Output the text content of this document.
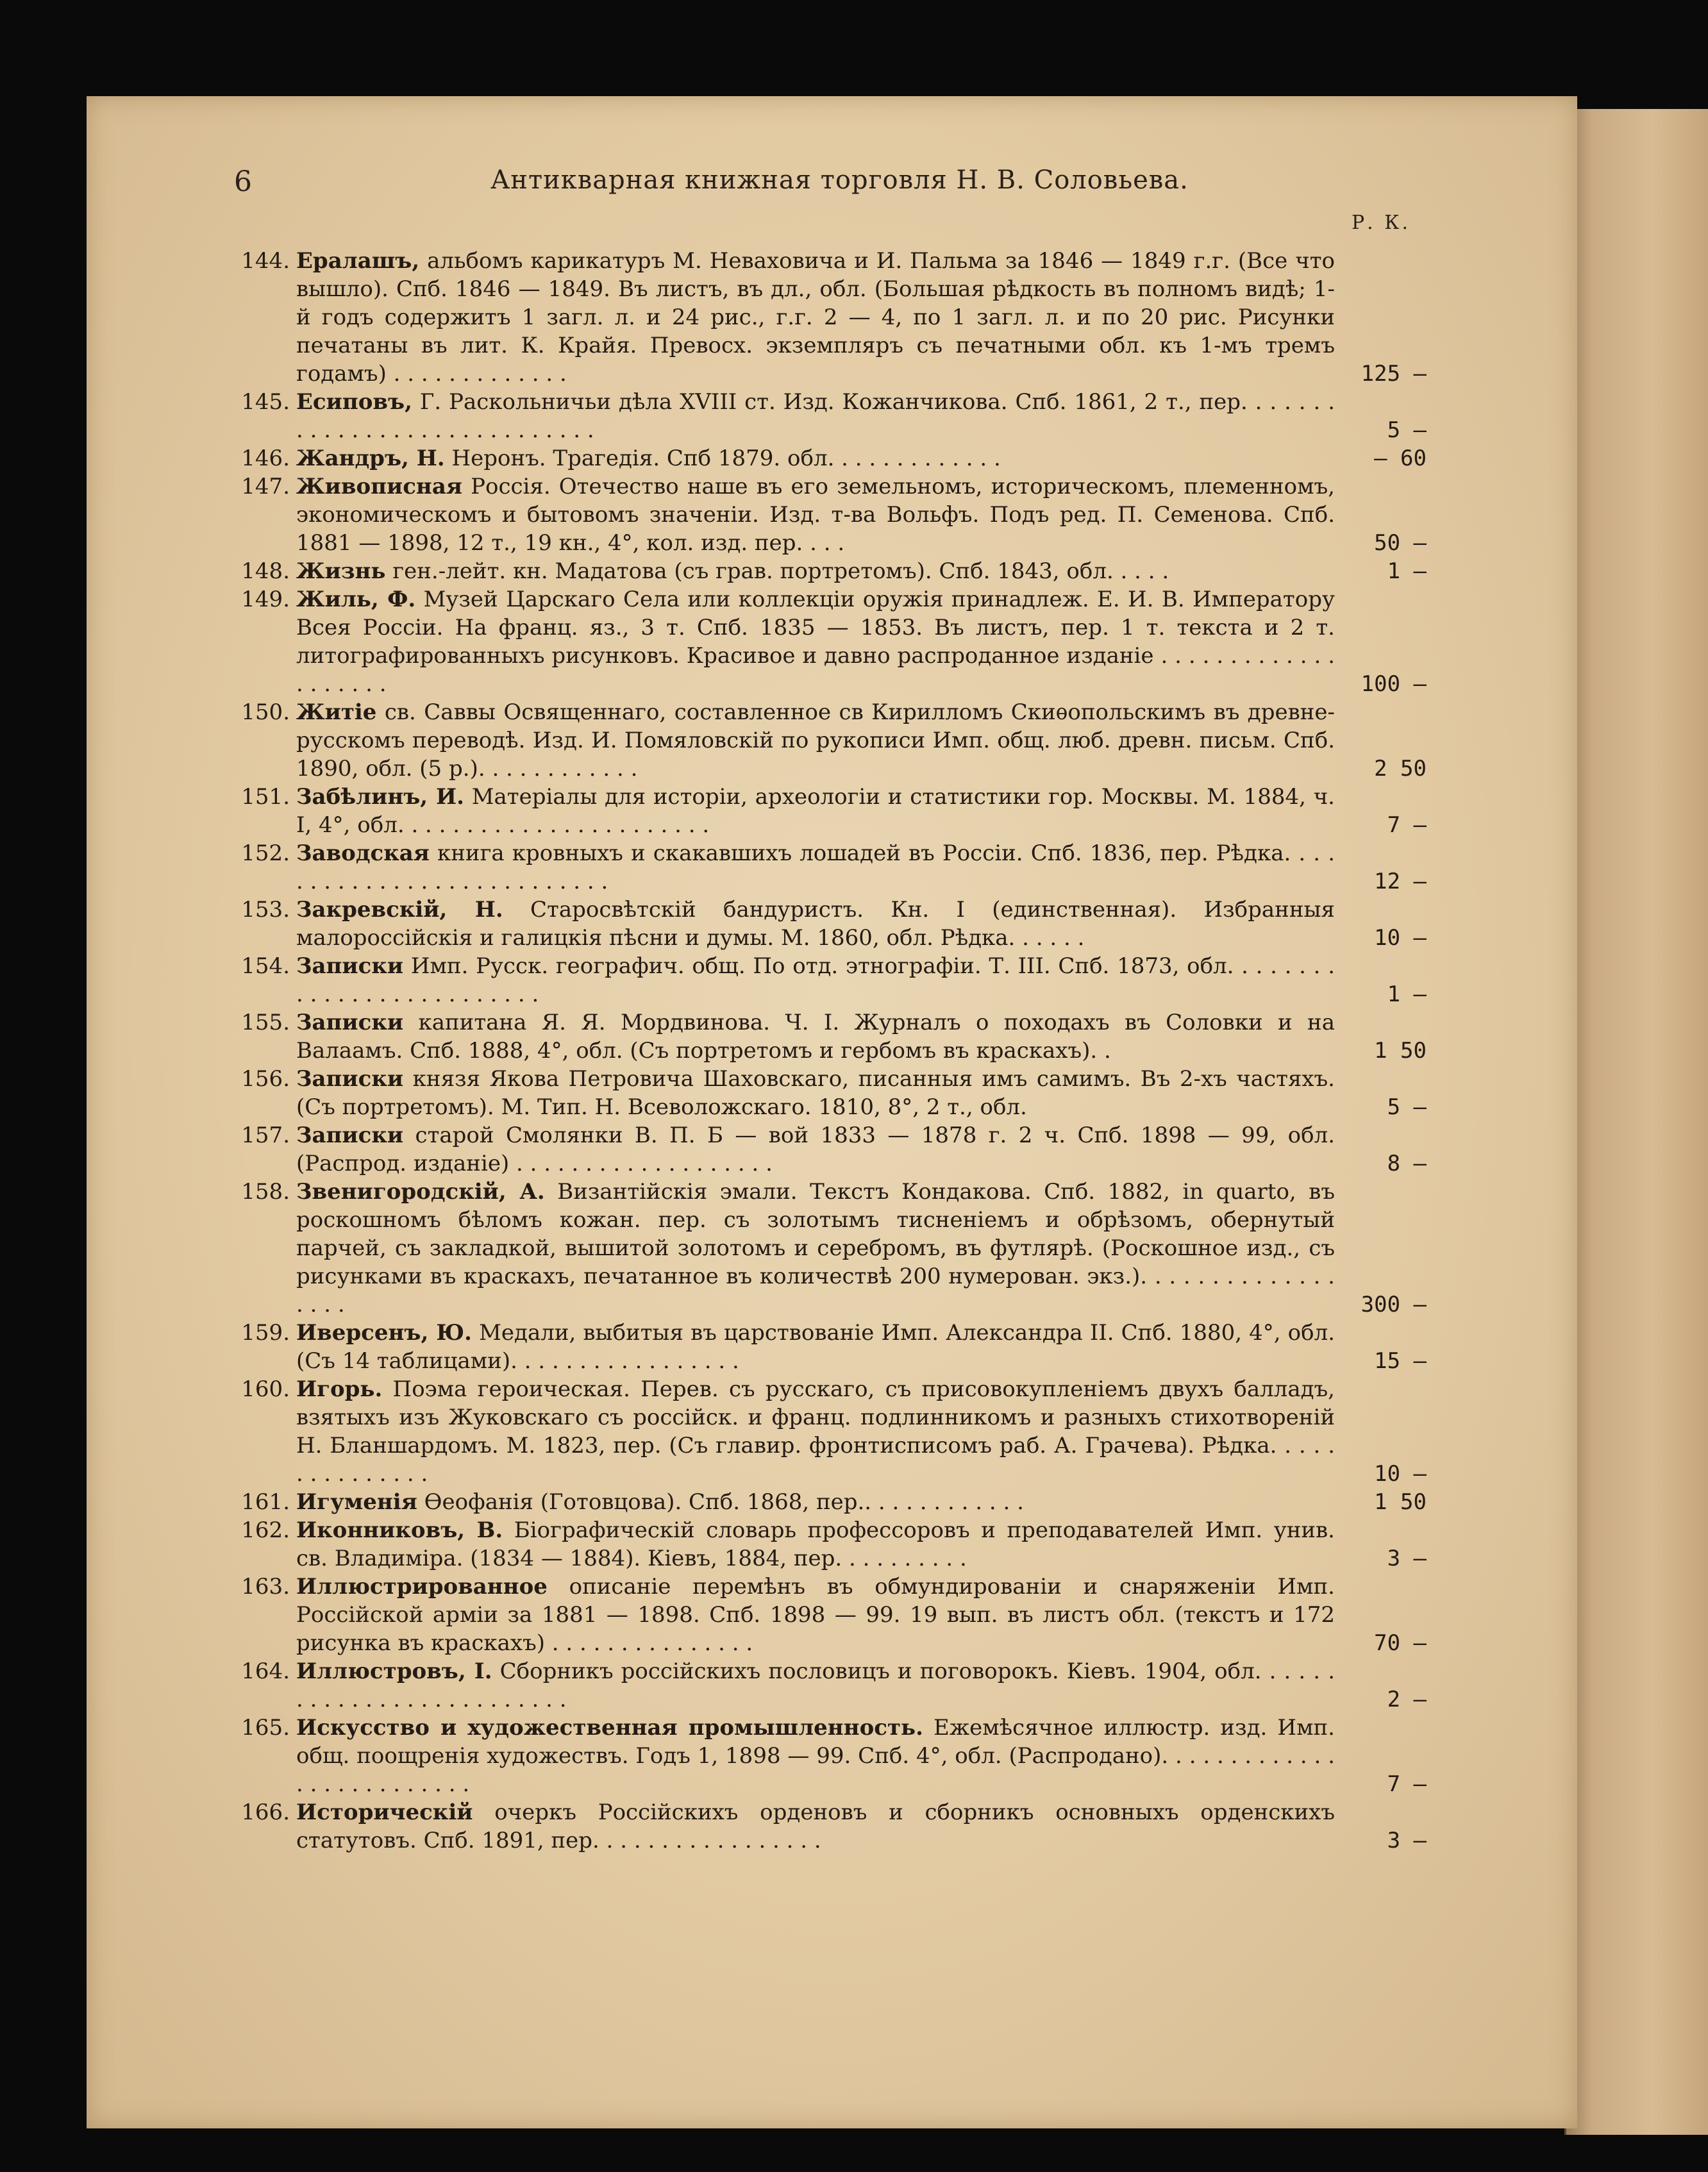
6	Антикварная книжная торговля Н. В. Соловьева.
Р. К.
144. Ералашъ, альбомъ карикатуръ М. Неваховича и И. Пальма за 1846 — 1849 г.г. (Все что вышло). Спб. 1846 — 1849. Въ листъ, въ дл., обл. (Большая рѣдкость въ полномъ видѣ; 1-й годъ содержитъ 1 загл. л. и 24 рис., г.г. 2 — 4, по 1 загл. л. и по 20 рис. Рисунки печатаны въ лит. К. Крайя. Превосх. экземпляръ съ печатными обл. къ 1-мъ тремъ годамъ) . . . . . . . . . . . . .	125 —
145. Есиповъ, Г. Раскольничьи дѣла XVIII ст. Изд. Кожанчикова. Спб. 1861, 2 т., пер. . . . . . . . . . . . . . . . . . . . . . . . . . . . .	5 —
146. Жандръ, Н. Неронъ. Трагедія. Спб 1879. обл. . . . . . . . . . . . .	— 60
147. Живописная Россія. Отечество наше въ его земельномъ, историческомъ, племенномъ, экономическомъ и бытовомъ значеніи. Изд. т-ва Вольфъ. Подъ ред. П. Семенова. Спб. 1881 — 1898, 12 т., 19 кн., 4°, кол. изд. пер. . . .	50 —
148. Жизнь ген.-лейт. кн. Мадатова (съ грав. портретомъ). Спб. 1843, обл. . . . .	1 —
149. Жиль, Ф. Музей Царскаго Села или коллекціи оружія принадлеж. Е. И. В. Императору Всея Россіи. На франц. яз., 3 т. Спб. 1835 — 1853. Въ листъ, пер. 1 т. текста и 2 т. литографированныхъ рисунковъ. Красивое и давно распроданное изданіе . . . . . . . . . . . . . . . . . . . .	100 —
150. Житіе св. Саввы Освященнаго, составленное св Кирилломъ Скиѳопольскимъ въ древне-русскомъ переводѣ. Изд. И. Помяловскій по рукописи Имп. общ. люб. древн. письм. Спб. 1890, обл. (5 р.). . . . . . . . . . . .	2 50
151. Забѣлинъ, И. Матеріалы для исторіи, археологіи и статистики гор. Москвы. М. 1884, ч. I, 4°, обл. . . . . . . . . . . . . . . . . . . . . . .	7 —
152. Заводская книга кровныхъ и скакавшихъ лошадей въ Россіи. Спб. 1836, пер. Рѣдка. . . . . . . . . . . . . . . . . . . . . . . . . . .	12 —
153. Закревскій, Н. Старосвѣтскій бандуристъ. Кн. I (единственная). Избранныя малороссійскія и галицкія пѣсни и думы. М. 1860, обл. Рѣдка. . . . . .	10 —
154. Записки Имп. Русск. географич. общ. По отд. этнографіи. Т. III. Спб. 1873, обл. . . . . . . . . . . . . . . . . . . . . . . . . .	1 —
155. Записки капитана Я. Я. Мордвинова. Ч. I. Журналъ о походахъ въ Соловки и на Валаамъ. Спб. 1888, 4°, обл. (Съ портретомъ и гербомъ въ краскахъ). .	1 50
156. Записки князя Якова Петровича Шаховскаго, писанныя имъ самимъ. Въ 2-хъ частяхъ. (Съ портретомъ). М. Тип. Н. Всеволожскаго. 1810, 8°, 2 т., обл.	5 —
157. Записки старой Смолянки В. П. Б — вой 1833 — 1878 г. 2 ч. Спб. 1898 — 99, обл. (Распрод. изданіе) . . . . . . . . . . . . . . . . . . .	8 —
158. Звенигородскій, А. Византійскія эмали. Текстъ Кондакова. Спб. 1882, in quarto, въ роскошномъ бѣломъ кожан. пер. съ золотымъ тисненіемъ и обрѣзомъ, обернутый парчей, съ закладкой, вышитой золотомъ и серебромъ, въ футлярѣ. (Роскошное изд., съ рисунками въ краскахъ, печатанное въ количествѣ 200 нумерован. экз.). . . . . . . . . . . . . . . . . .	300 —
159. Иверсенъ, Ю. Медали, выбитыя въ царствованіе Имп. Александра II. Спб. 1880, 4°, обл. (Съ 14 таблицами). . . . . . . . . . . . . . . . .	15 —
160. Игорь. Поэма героическая. Перев. съ русскаго, съ присовокупленіемъ двухъ балладъ, взятыхъ изъ Жуковскаго съ россійск. и франц. подлинникомъ и разныхъ стихотвореній Н. Бланшардомъ. М. 1823, пер. (Съ главир. фронтисписомъ раб. А. Грачева). Рѣдка. . . . . . . . . . . . . . .	10 —
161. Игуменія Ѳеофанія (Готовцова). Спб. 1868, пер.. . . . . . . . . . . .	1 50
162. Иконниковъ, В. Біографическій словарь профессоровъ и преподавателей Имп. унив. св. Владиміра. (1834 — 1884). Кіевъ, 1884, пер. . . . . . . . . .	3 —
163. Иллюстрированное описаніе перемѣнъ въ обмундированіи и снаряженіи Имп. Россійской арміи за 1881 — 1898. Спб. 1898 — 99. 19 вып. въ листъ обл. (текстъ и 172 рисунка въ краскахъ) . . . . . . . . . . . . . . .	70 —
164. Иллюстровъ, І. Сборникъ россійскихъ пословицъ и поговорокъ. Кіевъ. 1904, обл. . . . . . . . . . . . . . . . . . . . . . . . . .	2 —
165. Искусство и художественная промышленность. Ежемѣсячное иллюстр. изд. Имп. общ. поощренія художествъ. Годъ 1, 1898 — 99. Спб. 4°, обл. (Распродано). . . . . . . . . . . . . . . . . . . . . . . . . .	7 —
166. Историческій очеркъ Россійскихъ орденовъ и сборникъ основныхъ орденскихъ статутовъ. Спб. 1891, пер. . . . . . . . . . . . . . . . .	3 —
